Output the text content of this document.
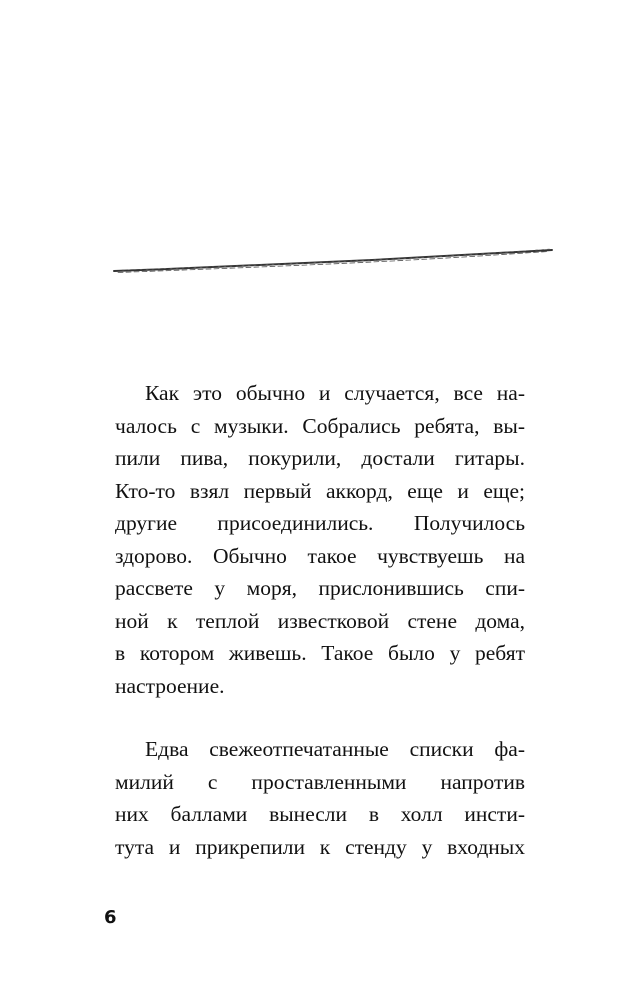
Как это обычно и случается, все на-
чалось с музыки. Собрались ребята, вы-
пили пива, покурили, достали гитары.
Кто-то взял первый аккорд, еще и еще;
другие присоединились. Получилось
здорово. Обычно такое чувствуешь на
рассвете у моря, прислонившись спи-
ной к теплой известковой стене дома,
в котором живешь. Такое было у ребят
настроение.
Едва свежеотпечатанные списки фа-
милий с проставленными напротив
них баллами вынесли в холл инсти-
тута и прикрепили к стенду у входных
6
